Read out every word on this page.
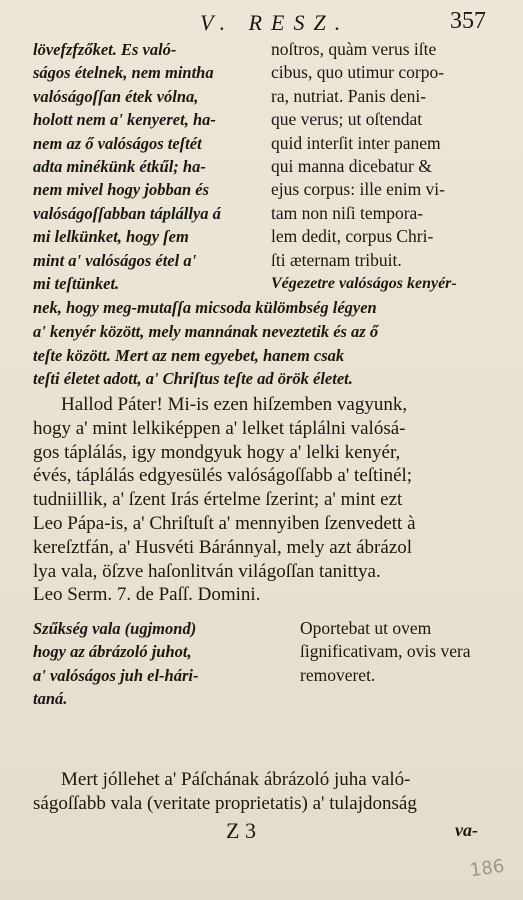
V. RESZ.	357
lövefzfzőket. Es való-
ságos ételnek, nem mintha
valóságoſſan étek vólna,
holott nem a' kenyeret, ha-
nem az ő valóságos teſtét
adta minékünk étkűl; ha-
nem mivel hogy jobban és
valóságoſſabban táplállya á
mi lelkünket, hogy ſem
mint a' valóságos étel a'
mi teſtünket.
noſtros, quàm verus iſte
cibus, quo utimur corpo-
ra, nutriat. Panis deni-
que verus; ut oſtendat
quid interſit inter panem
qui manna dicebatur &
ejus corpus: ille enim vi-
tam non niſi tempora-
lem dedit, corpus Chri-
ſti æternam tribuit.
Végezetre valóságos kenyér-
nek, hogy meg-mutaſſa micsoda külömbség légyen
a' kenyér között, mely mannának neveztetik és az ő
teſte között. Mert az nem egyebet, hanem csak
teſti életet adott, a' Chriſtus teſte ad örök életet.
Hallod Páter! Mi-is ezen hiſzemben vagyunk,
hogy a' mint lelkiképpen a' lelket táplálni valósá-
gos táplálás, igy mondgyuk hogy a' lelki kenyér,
évés, táplálás edgyesülés valóságoſſabb a' teſtinél;
tudniillik, a' ſzent Irás értelme ſzerint; a' mint ezt
Leo Pápa-is, a' Chriſtuſt a' mennyiben ſzenvedett à
kereſztfán, a' Husvéti Báránnyal, mely azt ábrázol
lya vala, öſzve haſonlitván világoſſan tanittya.
Leo Serm. 7. de Paſſ. Domini.
Szűkség vala (ugjmond)
hogy az ábrázoló juhot,
a' valóságos juh el-hári-
taná.
Oportebat ut ovem
ſignificativam, ovis vera
removeret.
Mert jóllehet a' Páſchának ábrázoló juha való-
ságoſſabb vala (veritate proprietatis) a' tulajdonság
Z 3	va-
186
